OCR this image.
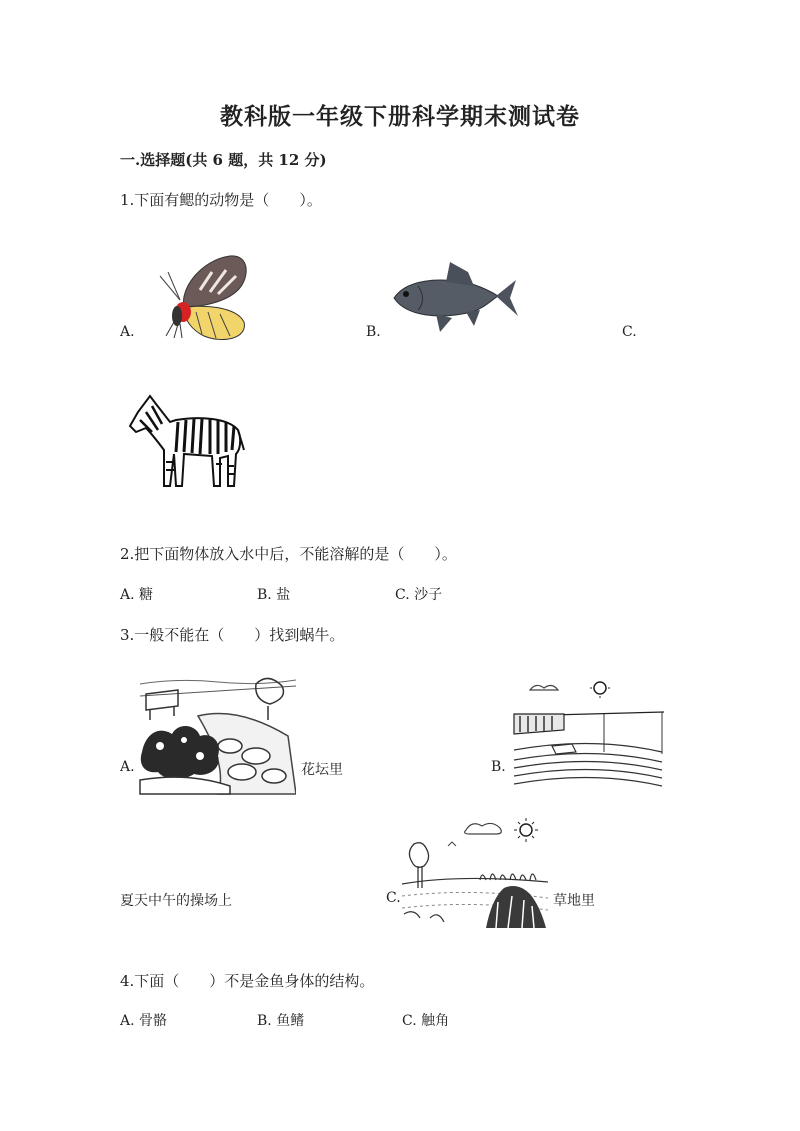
教科版一年级下册科学期末测试卷
一.选择题(共 6 题，共 12 分)
1.下面有鳃的动物是（　　）。
A.	B.	C.
2.把下面物体放入水中后，不能溶解的是（　　）。
A. 糖	B. 盐	C. 沙子
3.一般不能在（　　）找到蜗牛。
A.	花坛里	B.
夏天中午的操场上	C.	草地里
4.下面（　　）不是金鱼身体的结构。
A. 骨骼	B. 鱼鳍	C. 触角
